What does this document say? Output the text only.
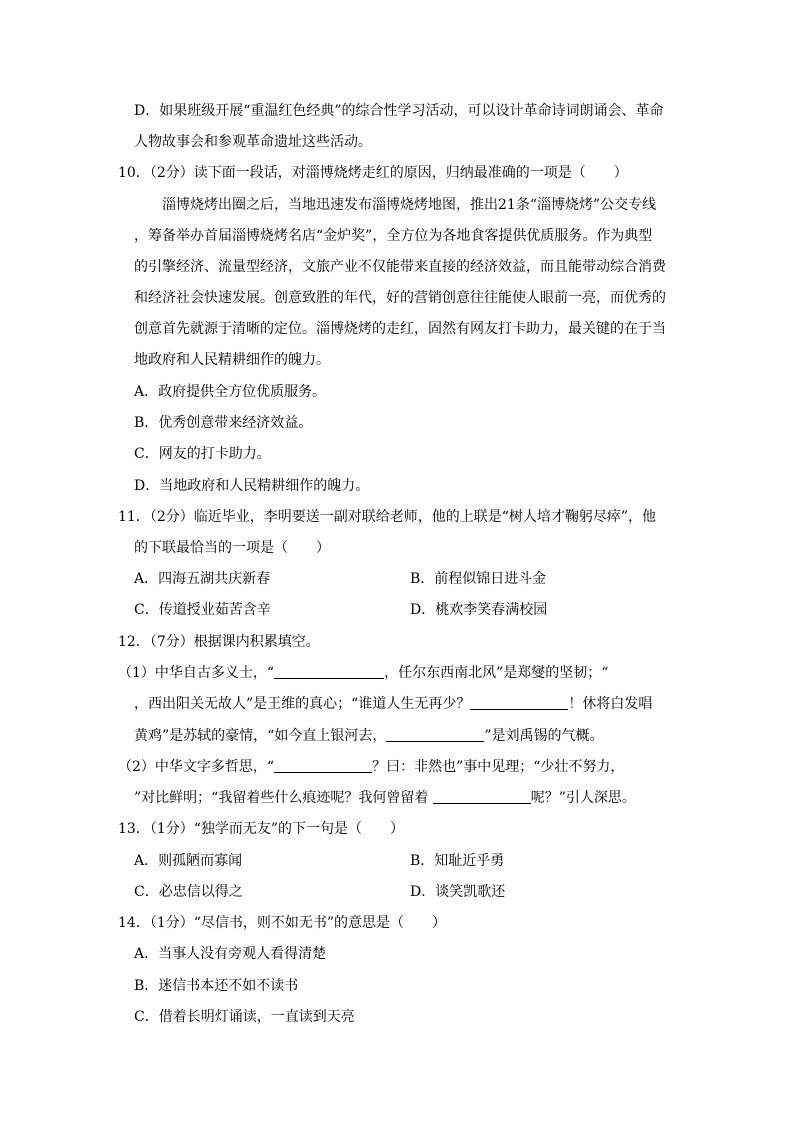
D．如果班级开展“重温红色经典”的综合性学习活动，可以设计革命诗词朗诵会、革命
人物故事会和参观革命遗址这些活动。
10．（2分）读下面一段话，对淄博烧烤走红的原因，归纳最准确的一项是（　　）
淄博烧烤出圈之后，当地迅速发布淄博烧烤地图，推出21条“淄博烧烤”公交专线
，筹备举办首届淄博烧烤名店“金炉奖”，全方位为各地食客提供优质服务。作为典型
的引擎经济、流量型经济，文旅产业不仅能带来直接的经济效益，而且能带动综合消费
和经济社会快速发展。创意致胜的年代，好的营销创意往往能使人眼前一亮，而优秀的
创意首先就源于清晰的定位。淄博烧烤的走红，固然有网友打卡助力，最关键的在于当
地政府和人民精耕细作的魄力。
A．政府提供全方位优质服务。
B．优秀创意带来经济效益。
C．网友的打卡助力。
D．当地政府和人民精耕细作的魄力。
11．（2分）临近毕业，李明要送一副对联给老师，他的上联是“树人培才鞠躬尽瘁”，他
的下联最恰当的一项是（　　）
A．四海五湖共庆新春	B．前程似锦日进斗金
C．传道授业茹苦含辛	D．桃欢李笑春满校园
12．（7分）根据课内积累填空。
（1）中华自古多义士，“	，任尔东西南北风”是郑燮的坚韧；“
，西出阳关无故人”是王维的真心；“谁道人生无再少？	！休将白发唱
黄鸡”是苏轼的豪情，“如今直上银河去，	”是刘禹锡的气概。
（2）中华文字多哲思，“	？曰：非然也”事中见理；“少壮不努力，
”对比鲜明；“我留着些什么痕迹呢？我何曾留着	呢？”引人深思。
13．（1分）“独学而无友”的下一句是（　　）
A．则孤陋而寡闻	B．知耻近乎勇
C．必忠信以得之	D．谈笑凯歌还
14．（1分）“尽信书，则不如无书”的意思是（　　）
A．当事人没有旁观人看得清楚
B．迷信书本还不如不读书
C．借着长明灯诵读，一直读到天亮
